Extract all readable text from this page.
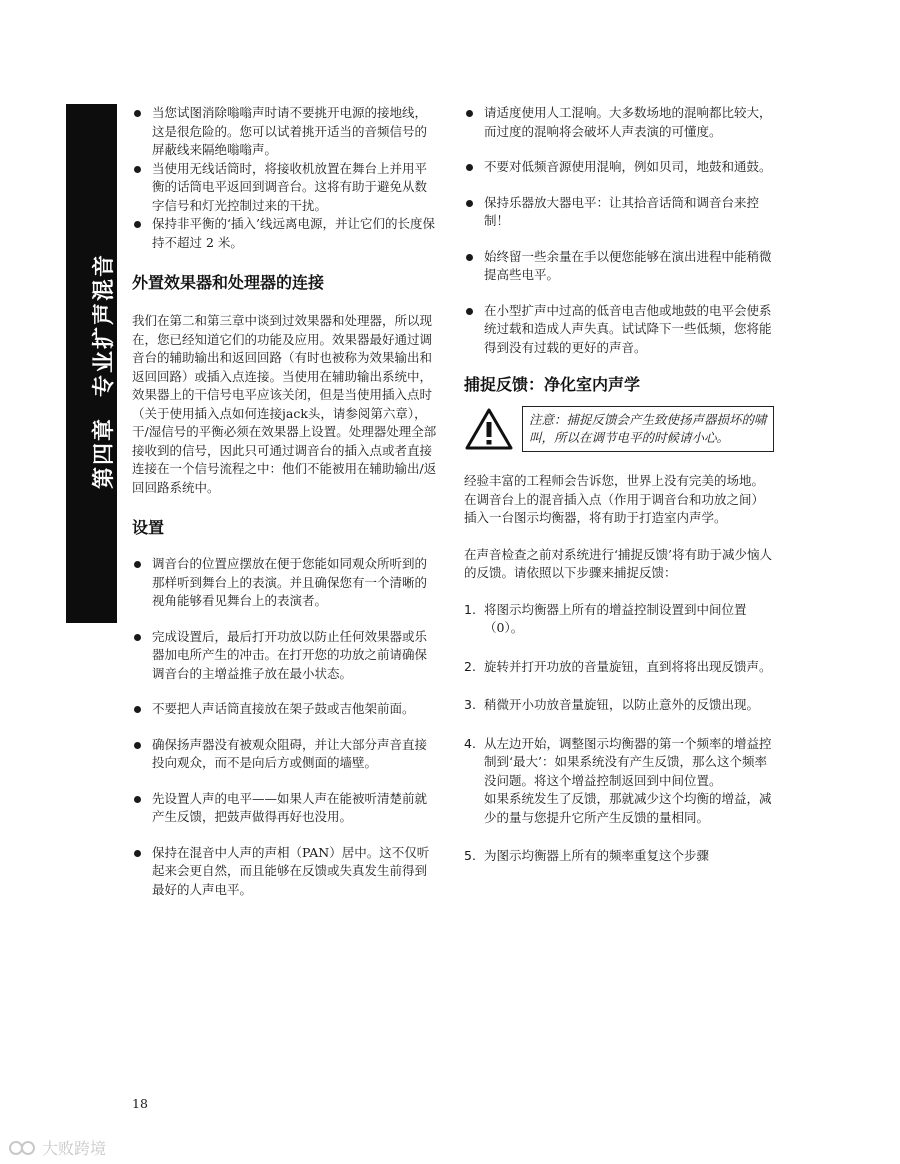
第四章专业扩声混音
当您试图消除嗡嗡声时请不要挑开电源的接地线，这是很危险的。您可以试着挑开适当的音频信号的屏蔽线来隔绝嗡嗡声。
当使用无线话筒时，将接收机放置在舞台上并用平衡的话筒电平返回到调音台。这将有助于避免从数字信号和灯光控制过来的干扰。
保持非平衡的‘插入’线远离电源，并让它们的长度保持不超过 2 米。
外置效果器和处理器的连接

我们在第二和第三章中谈到过效果器和处理器，所以现在，您已经知道它们的功能及应用。效果器最好通过调音台的辅助输出和返回回路（有时也被称为效果输出和返回回路）或插入点连接。当使用在辅助输出系统中，效果器上的干信号电平应该关闭，但是当使用插入点时（关于使用插入点如何连接jack头，请参阅第六章），干/湿信号的平衡必须在效果器上设置。处理器处理全部接收到的信号，因此只可通过调音台的插入点或者直接连接在一个信号流程之中：他们不能被用在辅助输出/返回回路系统中。

设置
调音台的位置应摆放在便于您能如同观众所听到的那样听到舞台上的表演。并且确保您有一个清晰的视角能够看见舞台上的表演者。
完成设置后，最后打开功放以防止任何效果器或乐器加电所产生的冲击。在打开您的功放之前请确保调音台的主增益推子放在最小状态。
不要把人声话筒直接放在架子鼓或吉他架前面。
确保扬声器没有被观众阻碍，并让大部分声音直接投向观众，而不是向后方或侧面的墙壁。
先设置人声的电平——如果人声在能被听清楚前就产生反馈，把鼓声做得再好也没用。
保持在混音中人声的声相（PAN）居中。这不仅听起来会更自然，而且能够在反馈或失真发生前得到最好的人声电平。
请适度使用人工混响。大多数场地的混响都比较大，而过度的混响将会破坏人声表演的可懂度。
不要对低频音源使用混响，例如贝司，地鼓和通鼓。
保持乐器放大器电平：让其拾音话筒和调音台来控制！
始终留一些余量在手以便您能够在演出进程中能稍微提高些电平。
在小型扩声中过高的低音电吉他或地鼓的电平会使系统过载和造成人声失真。试试降下一些低频，您将能得到没有过载的更好的声音。
捕捉反馈：净化室内声学
注意：捕捉反馈会产生致使扬声器损坏的啸叫，所以在调节电平的时候请小心。

经验丰富的工程师会告诉您，世界上没有完美的场地。在调音台上的混音插入点（作用于调音台和功放之间）插入一台图示均衡器，将有助于打造室内声学。

在声音检查之前对系统进行‘捕捉反馈’将有助于减少恼人的反馈。请依照以下步骤来捕捉反馈：

1. 将图示均衡器上所有的增益控制设置到中间位置（0）。
2. 旋转并打开功放的音量旋钮，直到将将出现反馈声。
3. 稍微开小功放音量旋钮，以防止意外的反馈出现。
4. 从左边开始，调整图示均衡器的第一个频率的增益控制到‘最大’：如果系统没有产生反馈，那么这个频率没问题。将这个增益控制返回到中间位置。
如果系统发生了反馈，那就减少这个均衡的增益，减少的量与您提升它所产生反馈的量相同。
5. 为图示均衡器上所有的频率重复这个步骤
18
大败跨境
